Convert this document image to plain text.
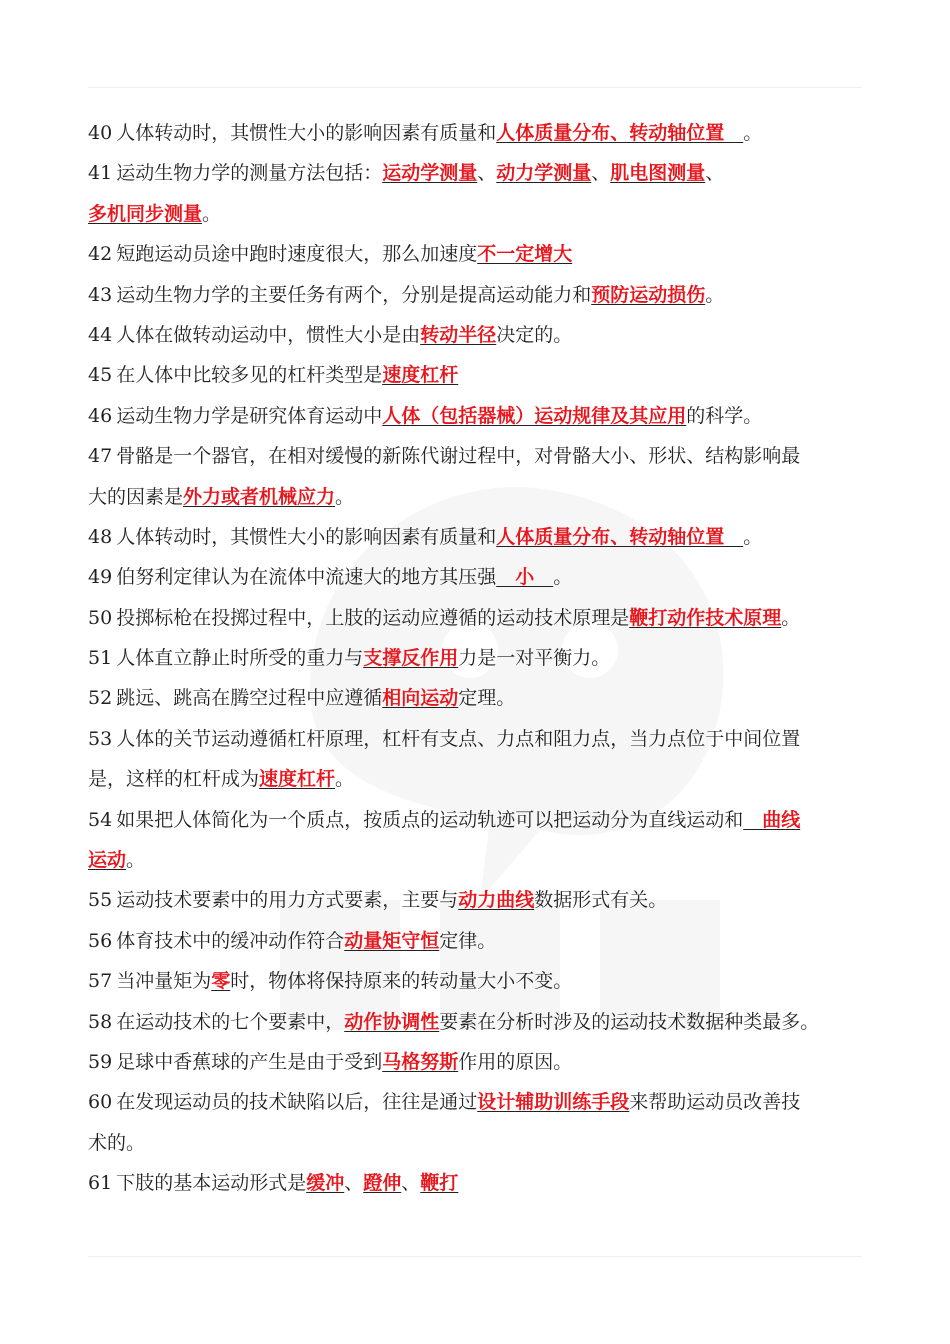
40 人体转动时，其惯性大小的影响因素有质量和人体质量分布、转动轴位置　。
41 运动生物力学的测量方法包括：运动学测量、动力学测量、肌电图测量、
多机同步测量。
42 短跑运动员途中跑时速度很大，那么加速度不一定增大
43 运动生物力学的主要任务有两个，分别是提高运动能力和预防运动损伤。
44 人体在做转动运动中，惯性大小是由转动半径决定的。
45 在人体中比较多见的杠杆类型是速度杠杆
46 运动生物力学是研究体育运动中人体（包括器械）运动规律及其应用的科学。
47 骨骼是一个器官，在相对缓慢的新陈代谢过程中，对骨骼大小、形状、结构影响最
大的因素是外力或者机械应力。
48 人体转动时，其惯性大小的影响因素有质量和人体质量分布、转动轴位置　。
49 伯努利定律认为在流体中流速大的地方其压强　小　。
50 投掷标枪在投掷过程中，上肢的运动应遵循的运动技术原理是鞭打动作技术原理。
51 人体直立静止时所受的重力与支撑反作用力是一对平衡力。
52 跳远、跳高在腾空过程中应遵循相向运动定理。
53 人体的关节运动遵循杠杆原理，杠杆有支点、力点和阻力点，当力点位于中间位置
是，这样的杠杆成为速度杠杆。
54 如果把人体简化为一个质点，按质点的运动轨迹可以把运动分为直线运动和　曲线
运动。
55 运动技术要素中的用力方式要素，主要与动力曲线数据形式有关。
56 体育技术中的缓冲动作符合动量矩守恒定律。
57 当冲量矩为零时，物体将保持原来的转动量大小不变。
58 在运动技术的七个要素中，动作协调性要素在分析时涉及的运动技术数据种类最多。
59 足球中香蕉球的产生是由于受到马格努斯作用的原因。
60 在发现运动员的技术缺陷以后，往往是通过设计辅助训练手段来帮助运动员改善技
术的。
61 下肢的基本运动形式是缓冲、蹬伸、鞭打
